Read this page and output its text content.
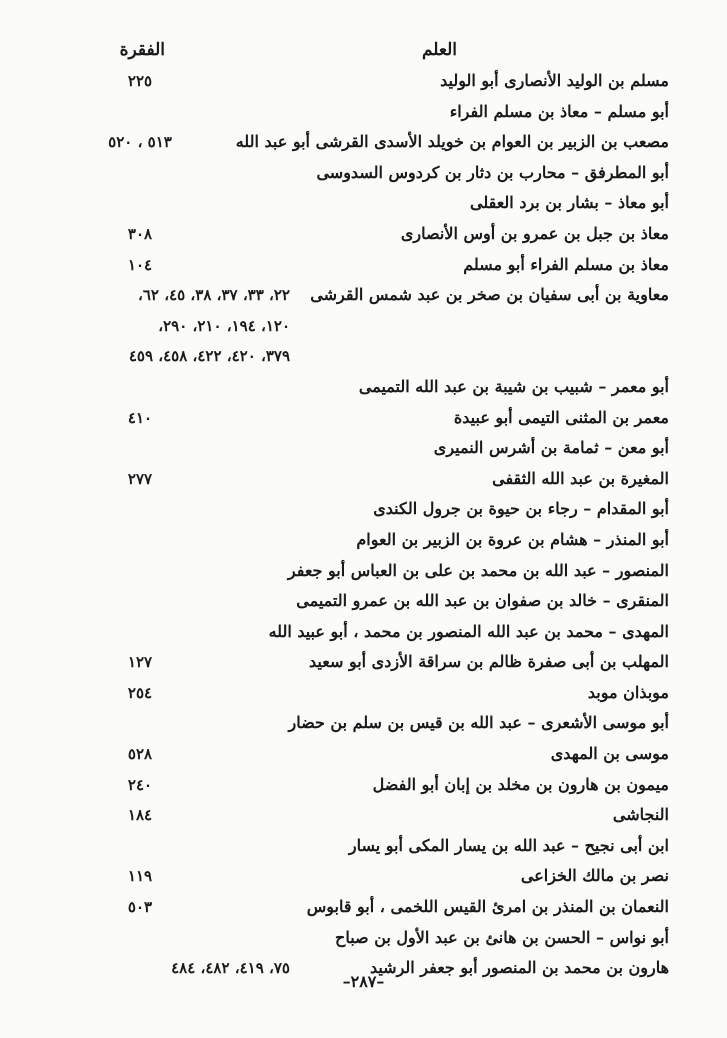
العلم
الفقرة
مسلم بن الوليد الأنصارى أبو الوليد
٢٢٥
أبو مسلم – معاذ بن مسلم الفراء
مصعب بن الزبير بن العوام بن خويلد الأسدى القرشى أبو عبد الله
٥١٣ ، ٥٢٠
أبو المطرفق – محارب بن دثار بن كردوس السدوسى
أبو معاذ – بشار بن برد العقلى
معاذ بن جبل بن عمرو بن أوس الأنصارى
٣٠٨
معاذ بن مسلم الفراء أبو مسلم
١٠٤
معاوية بن أبى سفيان بن صخر بن عبد شمس القرشى
٢٢، ٣٣، ٣٧، ٣٨، ٤٥، ٦٢،
١٢٠، ١٩٤، ٢١٠، ٢٩٠،
٣٧٩، ٤٢٠، ٤٢٢، ٤٥٨، ٤٥٩
أبو معمر – شبيب بن شيبة بن عبد الله التميمى
معمر بن المثنى التيمى أبو عبيدة
٤١٠
أبو معن – ثمامة بن أشرس النميرى
المغيرة بن عبد الله الثقفى
٢٧٧
أبو المقدام – رجاء بن حيوة بن جرول الكندى
أبو المنذر – هشام بن عروة بن الزبير بن العوام
المنصور – عبد الله بن محمد بن على بن العباس أبو جعفر
المنقرى – خالد بن صفوان بن عبد الله بن عمرو التميمى
المهدى – محمد بن عبد الله المنصور بن محمد ، أبو عبيد الله
المهلب بن أبى صفرة ظالم بن سراقة الأزدى أبو سعيد
١٢٧
موبذان موبد
٢٥٤
أبو موسى الأشعرى – عبد الله بن قيس بن سلم بن حضار
موسى بن المهدى
٥٢٨
ميمون بن هارون بن مخلد بن إبان أبو الفضل
٢٤٠
النجاشى
١٨٤
ابن أبى نجيح – عبد الله بن يسار المكى أبو يسار
نصر بن مالك الخزاعى
١١٩
النعمان بن المنذر بن امرئ القيس اللخمى ، أبو قابوس
٥٠٣
أبو نواس – الحسن بن هانئ بن عبد الأول بن صباح
هارون بن محمد بن المنصور أبو جعفر الرشيد
٧٥، ٤١٩، ٤٨٢، ٤٨٤
–٢٨٧–
